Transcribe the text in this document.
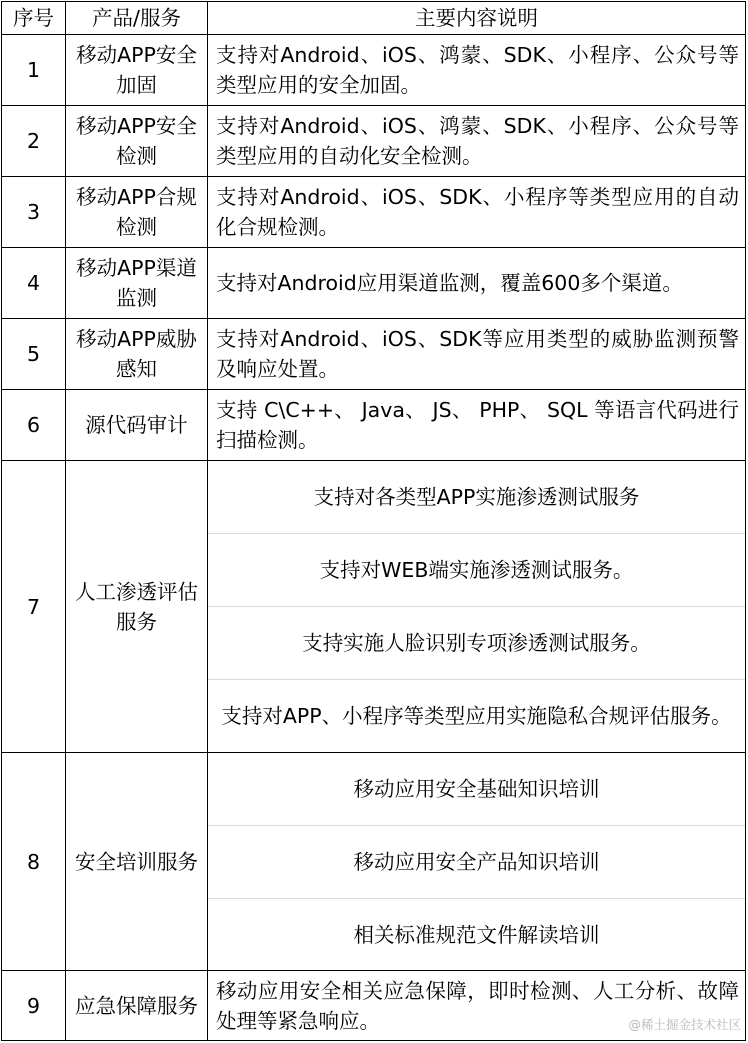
序号	产品/服务	主要内容说明
1	移动APP安全加固	支持对Android、iOS、鸿蒙、SDK、小程序、公众号等类型应用的安全加固。
2	移动APP安全检测	支持对Android、iOS、鸿蒙、SDK、小程序、公众号等类型应用的自动化安全检测。
3	移动APP合规检测	支持对Android、iOS、SDK、小程序等类型应用的自动化合规检测。
4	移动APP渠道监测	支持对Android应用渠道监测，覆盖600多个渠道。
5	移动APP威胁感知	支持对Android、iOS、SDK等应用类型的威胁监测预警及响应处置。
6	源代码审计	支持 C\C++、 Java、 JS、 PHP、 SQL 等语言代码进行扫描检测。
7	人工渗透评估服务	支持对各类型APP实施渗透测试服务
支持对WEB端实施渗透测试服务。
支持实施人脸识别专项渗透测试服务。
支持对APP、小程序等类型应用实施隐私合规评估服务。

8	安全培训服务	移动应用安全基础知识培训
移动应用安全产品知识培训
相关标准规范文件解读培训

9	应急保障服务	移动应用安全相关应急保障，即时检测、人工分析、故障处理等紧急响应。	@稀土掘金技术社区
